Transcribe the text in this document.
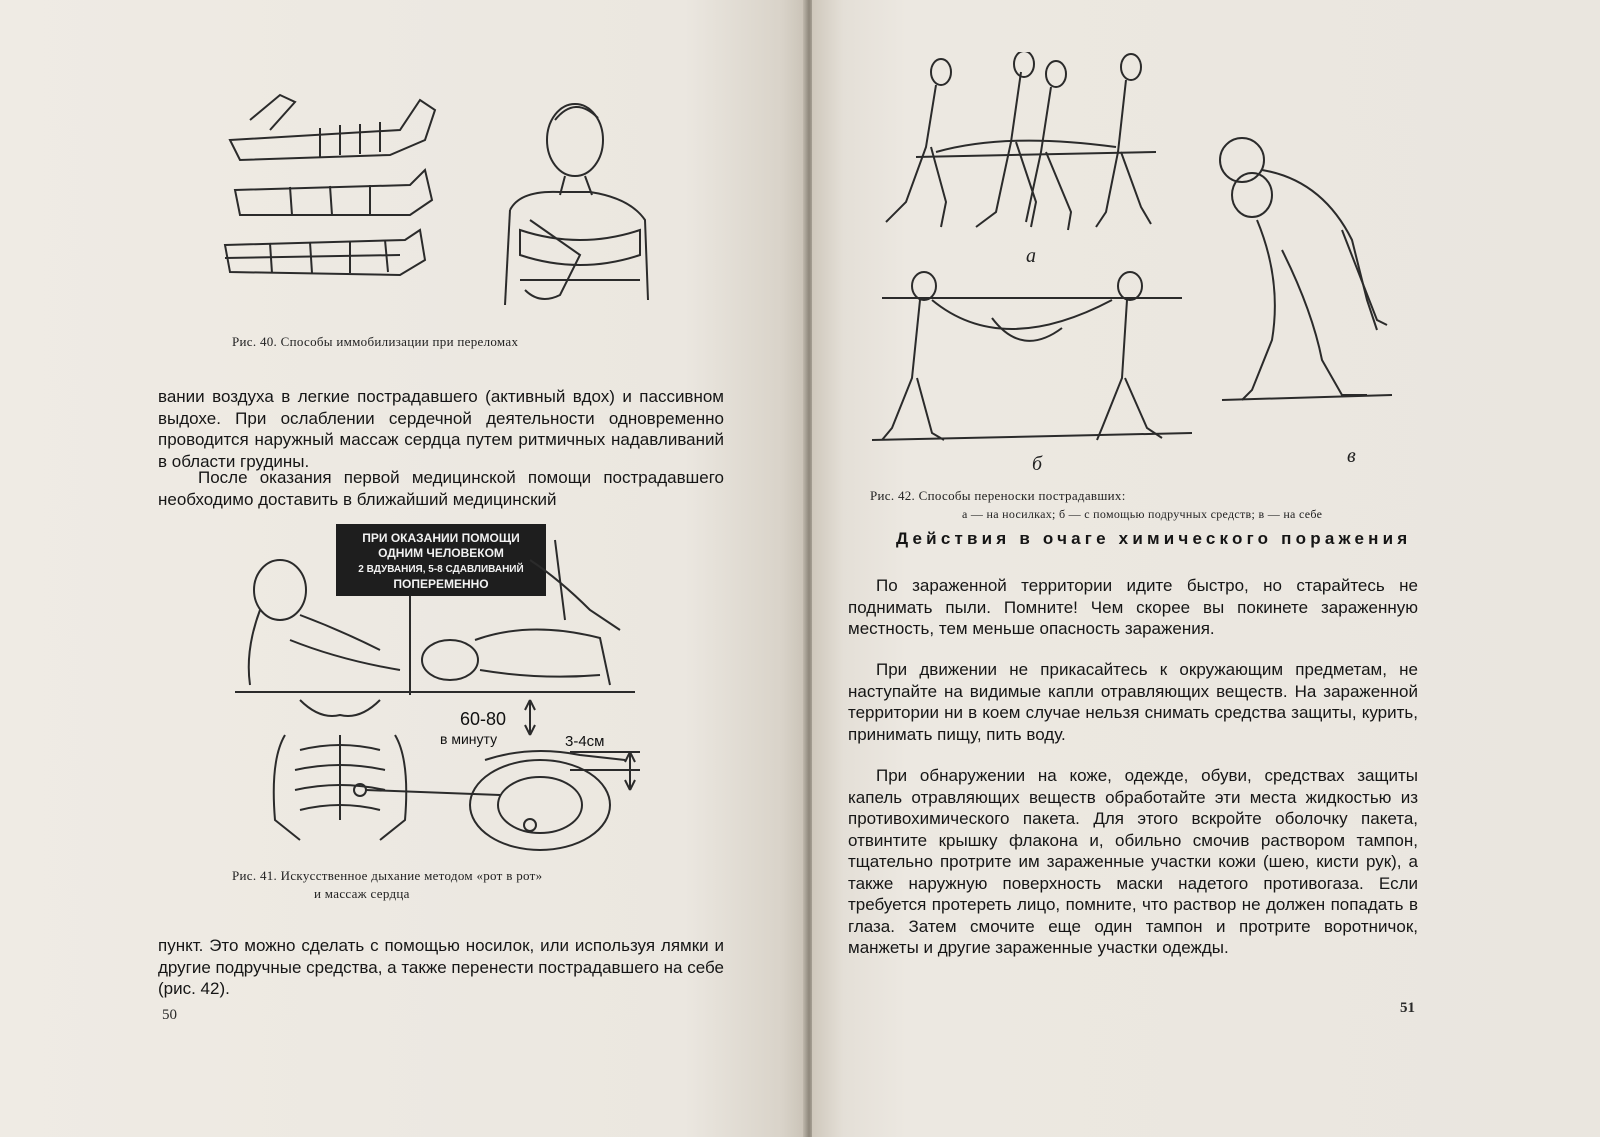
Рис. 40. Способы иммобилизации при переломах

вании воздуха в легкие пострадавшего (активный вдох) и пассивном выдохе. При ослаблении сердечной деятельности одновременно проводится наружный массаж сердца путем ритмичных надавливаний в области грудины.

После оказания первой медицинской помощи пострадавшего необходимо доставить в ближайший медицинский

ПРИ ОКАЗАНИИ ПОМОЩИ
ОДНИМ ЧЕЛОВЕКОМ
2 ВДУВАНИЯ, 5-8 СДАВЛИВАНИЙ
ПОПЕРЕМЕННО
60-80
в минуту	3-4см
Рис. 41. Искусственное дыхание методом «рот в рот»
и массаж сердца

пункт. Это можно сделать с помощью носилок, или используя лямки и другие подручные средства, а также перенести пострадавшего на себе (рис. 42).

50
а
б	в
Рис. 42. Способы переноски пострадавших:
а — на носилках; б — с помощью подручных средств; в — на себе
Действия в очаге химического поражения

По зараженной территории идите быстро, но старайтесь не поднимать пыли. Помните! Чем скорее вы покинете зараженную местность, тем меньше опасность заражения.

При движении не прикасайтесь к окружающим предметам, не наступайте на видимые капли отравляющих веществ. На зараженной территории ни в коем случае нельзя снимать средства защиты, курить, принимать пищу, пить воду.

При обнаружении на коже, одежде, обуви, средствах защиты капель отравляющих веществ обработайте эти места жидкостью из противохимического пакета. Для этого вскройте оболочку пакета, отвинтите крышку флакона и, обильно смочив раствором тампон, тщательно протрите им зараженные участки кожи (шею, кисти рук), а также наружную поверхность маски надетого противогаза. Если требуется протереть лицо, помните, что раствор не должен попадать в глаза. Затем смочите еще один тампон и протрите воротничок, манжеты и другие зараженные участки одежды.

51
